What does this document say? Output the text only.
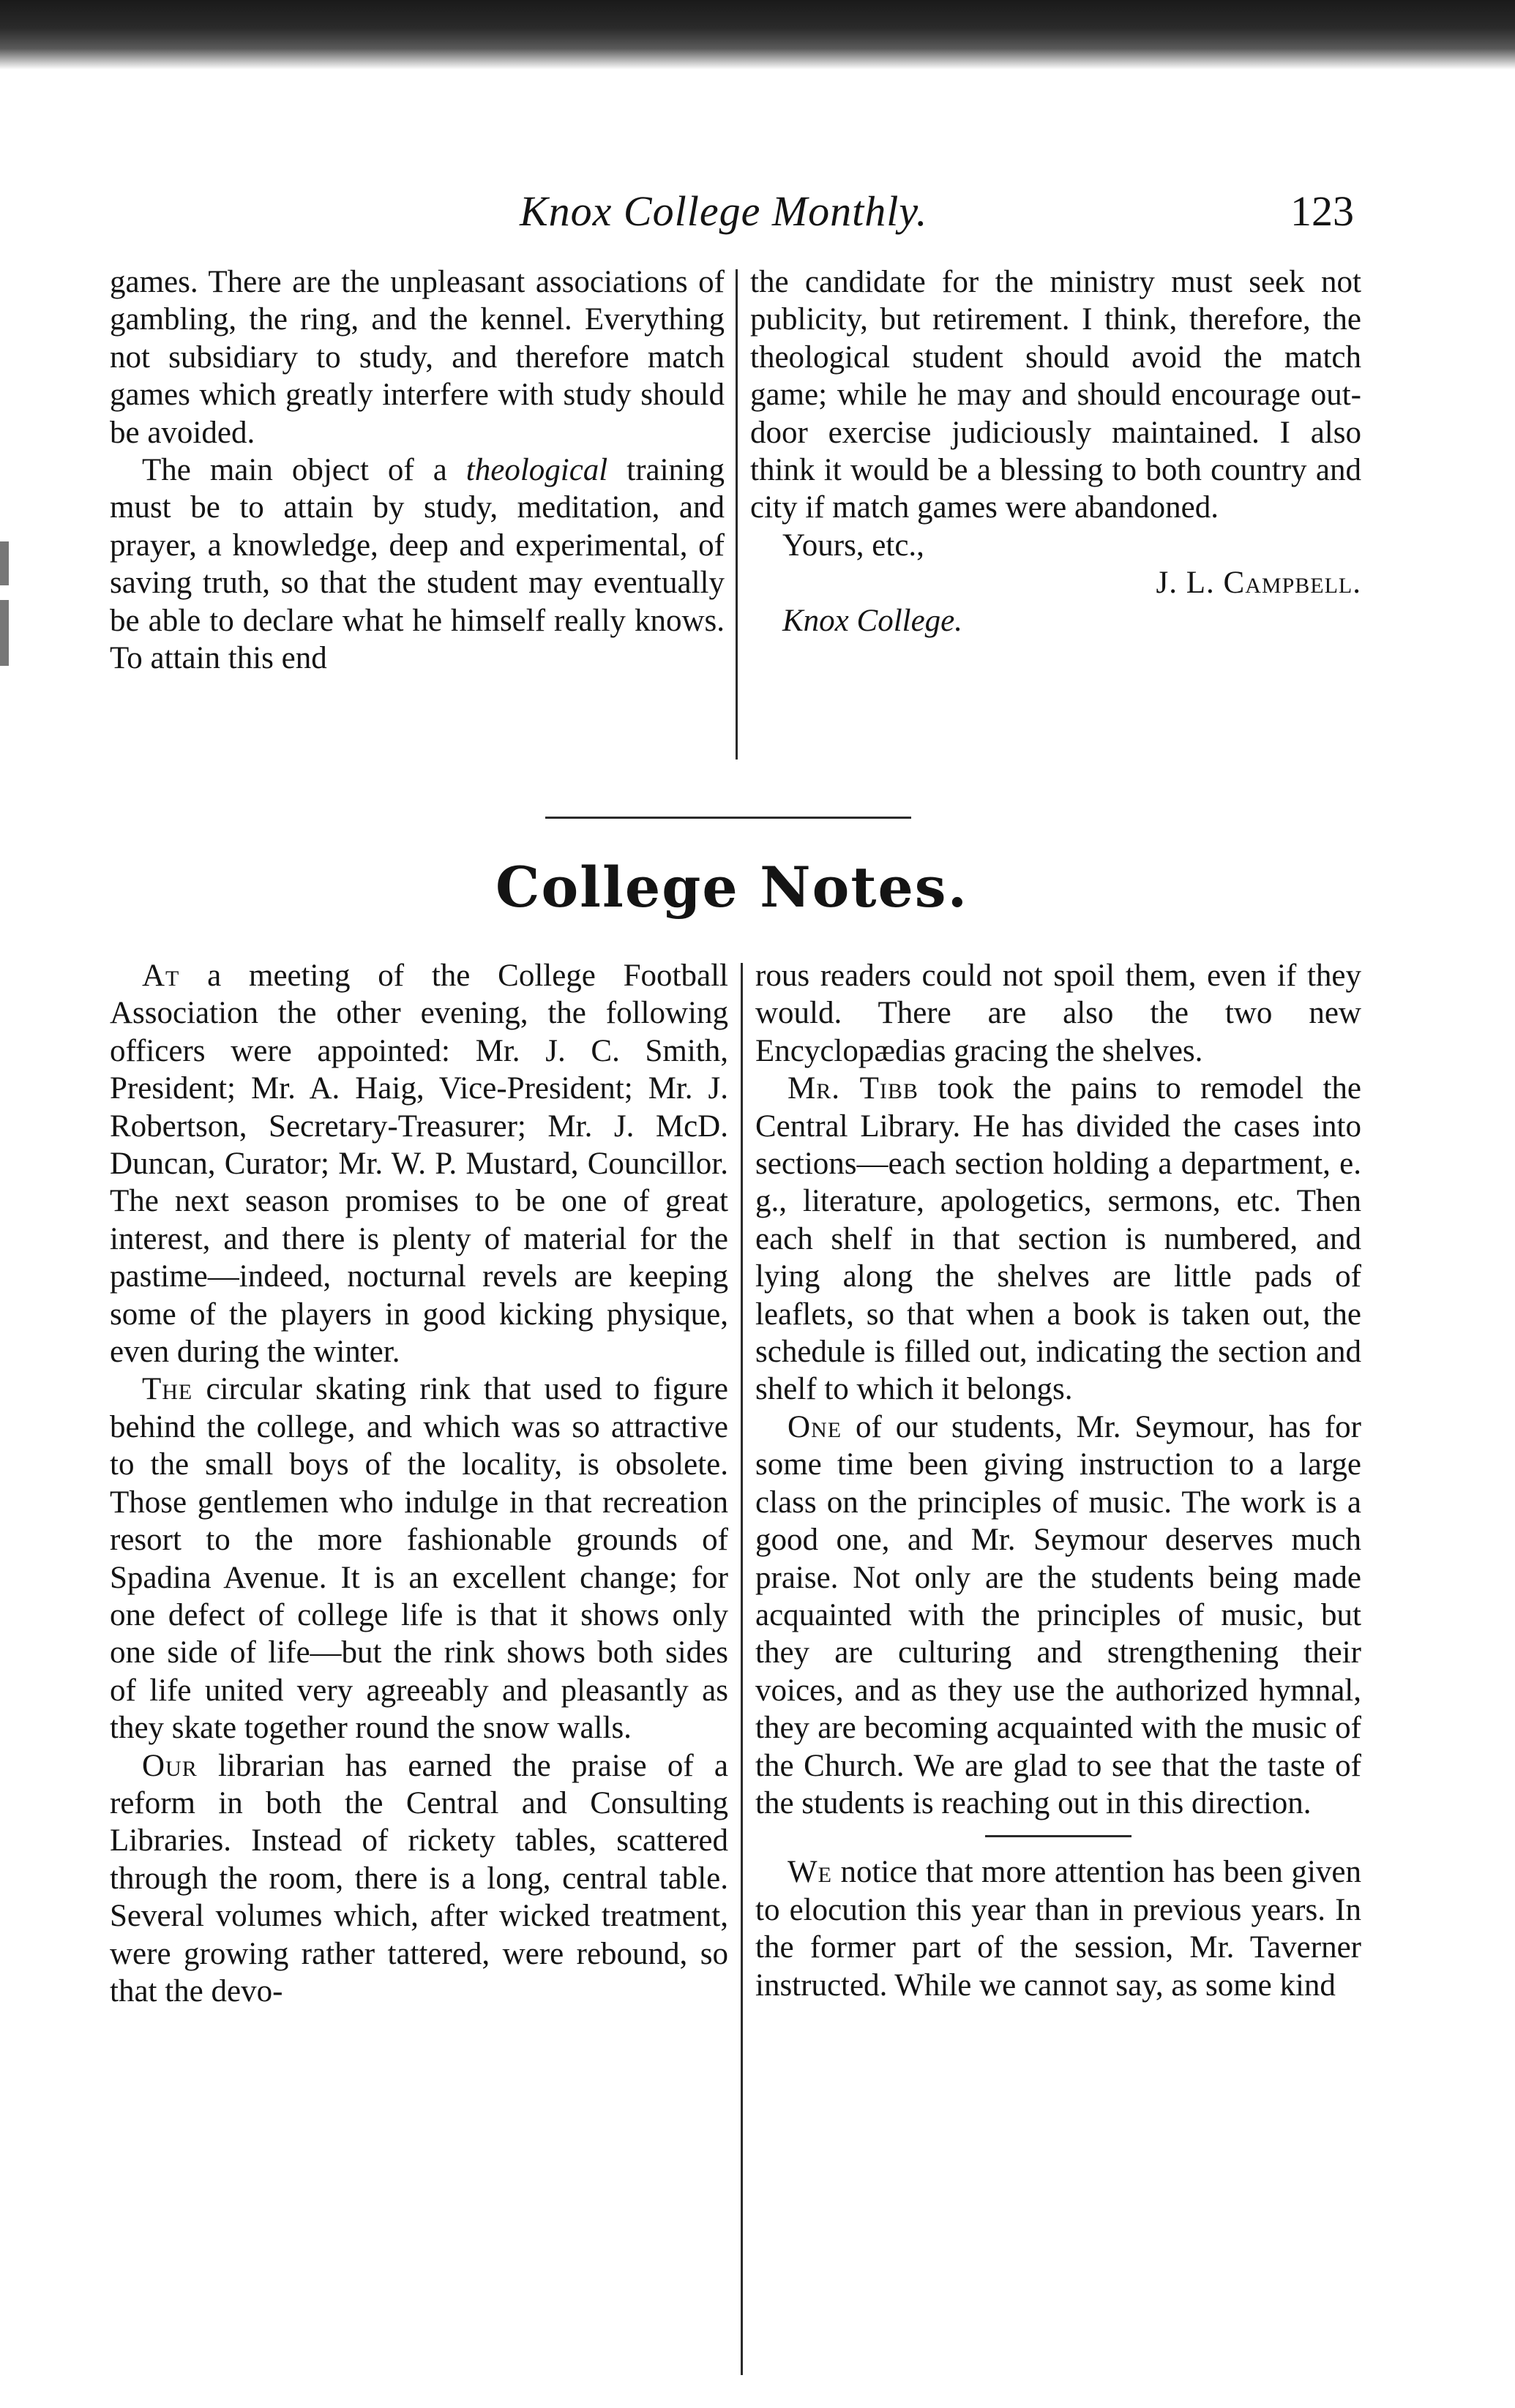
Knox College Monthly.	123

games. There are the unpleasant associations of gambling, the ring, and the kennel. Everything not subsidiary to study, and therefore match games which greatly interfere with study should be avoided.

The main object of a theological training must be to attain by study, meditation, and prayer, a knowledge, deep and experimental, of saving truth, so that the student may eventually be able to declare what he himself really knows. To attain this end

the candidate for the ministry must seek not publicity, but retirement. I think, therefore, the theological student should avoid the match game; while he may and should encourage out-door exercise judiciously maintained. I also think it would be a blessing to both country and city if match games were abandoned.

Yours, etc.,

J. L. Campbell.

Knox College.

College Notes.

At a meeting of the College Football Association the other evening, the following officers were appointed: Mr. J. C. Smith, President; Mr. A. Haig, Vice-President; Mr. J. Robertson, Secretary-Treasurer; Mr. J. McD. Duncan, Curator; Mr. W. P. Mustard, Councillor. The next season promises to be one of great interest, and there is plenty of material for the pastime—indeed, nocturnal revels are keeping some of the players in good kicking physique, even during the winter.

The circular skating rink that used to figure behind the college, and which was so attractive to the small boys of the locality, is obsolete. Those gentlemen who indulge in that recreation resort to the more fashionable grounds of Spadina Avenue. It is an excellent change; for one defect of college life is that it shows only one side of life—but the rink shows both sides of life united very agreeably and pleasantly as they skate together round the snow walls.

Our librarian has earned the praise of a reform in both the Central and Consulting Libraries. Instead of rickety tables, scattered through the room, there is a long, central table. Several volumes which, after wicked treatment, were growing rather tattered, were rebound, so that the devo-

rous readers could not spoil them, even if they would. There are also the two new Encyclopædias gracing the shelves.

Mr. Tibb took the pains to remodel the Central Library. He has divided the cases into sections—each section holding a department, e. g., literature, apologetics, sermons, etc. Then each shelf in that section is numbered, and lying along the shelves are little pads of leaflets, so that when a book is taken out, the schedule is filled out, indicating the section and shelf to which it belongs.

One of our students, Mr. Seymour, has for some time been giving instruction to a large class on the principles of music. The work is a good one, and Mr. Seymour deserves much praise. Not only are the students being made acquainted with the principles of music, but they are culturing and strengthening their voices, and as they use the authorized hymnal, they are becoming acquainted with the music of the Church. We are glad to see that the taste of the students is reaching out in this direction.

We notice that more attention has been given to elocution this year than in previous years. In the former part of the session, Mr. Taverner instructed. While we cannot say, as some kind
